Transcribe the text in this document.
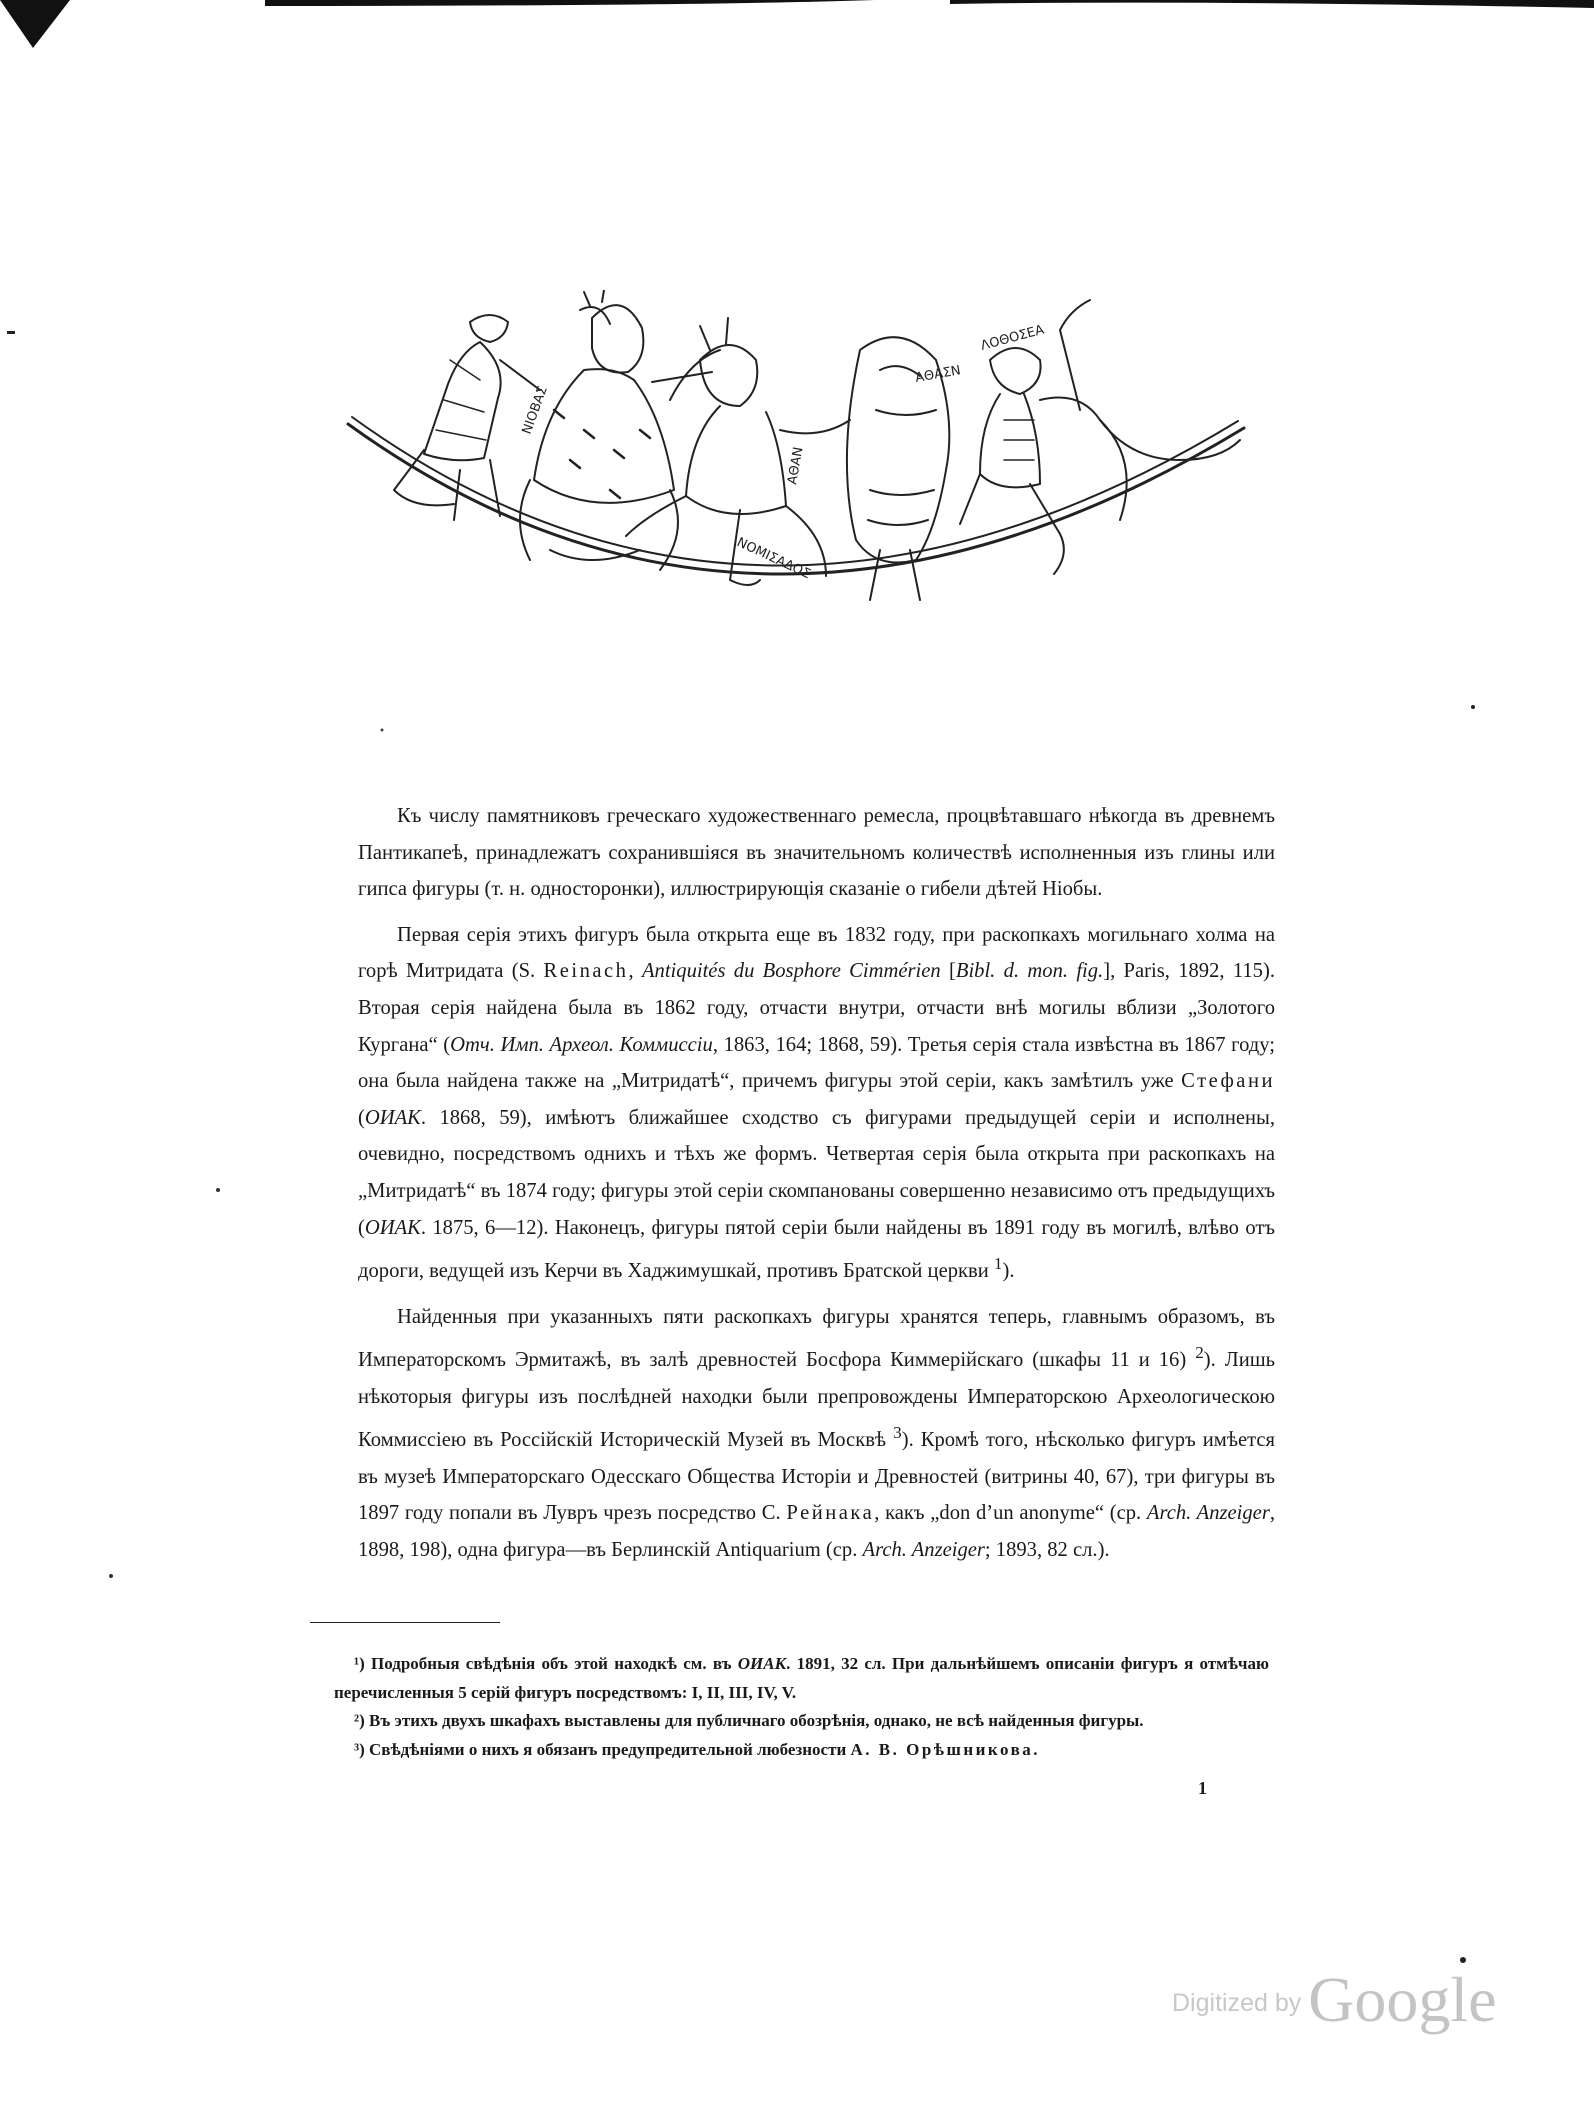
ΝΙΟΒΑΣ
ΑΘΑΝ
ΝΟΜΙΣΑΔΟΣ
ΛΟΘΟΣΕΑ
ΑΘΑΣΝ

Къ числу памятниковъ греческаго художественнаго ремесла, процвѣтавшаго нѣкогда въ древнемъ Пантикапеѣ, принадлежатъ сохранившіяся въ значительномъ количествѣ исполненныя изъ глины или гипса фигуры (т. н. односторонки), иллюстрирующія сказаніе о гибели дѣтей Ніобы.

Первая серія этихъ фигуръ была открыта еще въ 1832 году, при раскопкахъ могильнаго холма на горѣ Митридата (S. Reinach, Antiquités du Bosphore Cimmérien [Bibl. d. mon. fig.], Paris, 1892, 115). Вторая серія найдена была въ 1862 году, отчасти внутри, отчасти внѣ могилы вблизи „Золотого Кургана“ (Отч. Имп. Археол. Коммиссіи, 1863, 164; 1868, 59). Третья серія стала извѣстна въ 1867 году; она была найдена также на „Митридатѣ“, причемъ фигуры этой серіи, какъ замѣтилъ уже Стефани (ОИАК. 1868, 59), имѣютъ ближайшее сходство съ фигурами предыдущей серіи и исполнены, очевидно, посредствомъ однихъ и тѣхъ же формъ. Четвертая серія была открыта при раскопкахъ на „Митридатѣ“ въ 1874 году; фигуры этой серіи скомпанованы совершенно независимо отъ предыдущихъ (ОИАК. 1875, 6—12). Наконецъ, фигуры пятой серіи были найдены въ 1891 году въ могилѣ, влѣво отъ дороги, ведущей изъ Керчи въ Хаджимушкай, противъ Братской церкви $^1$).

Найденныя при указанныхъ пяти раскопкахъ фигуры хранятся теперь, главнымъ образомъ, въ Императорскомъ Эрмитажѣ, въ залѣ древностей Босфора Киммерійскаго (шкафы 11 и 16) $^2$). Лишь нѣкоторыя фигуры изъ послѣдней находки были препровождены Императорскою Археологическою Коммиссіею въ Россійскій Историческій Музей въ Москвѣ $^3$). Кромѣ того, нѣсколько фигуръ имѣется въ музеѣ Императорскаго Одесскаго Общества Исторіи и Древностей (витрины 40, 67), три фигуры въ 1897 году попали въ Лувръ чрезъ посредство С. Рейнака, какъ „don d’un anonyme“ (ср. Arch. Anzeiger, 1898, 198), одна фигура—въ Берлинскій Antiquarium (ср. Arch. Anzeiger; 1893, 82 сл.).

¹) Подробныя свѣдѣнія объ этой находкѣ см. въ ОИАК. 1891, 32 сл. При дальнѣйшемъ описаніи фигуръ я отмѣчаю перечисленныя 5 серій фигуръ посредствомъ: I, II, III, IV, V.

²) Въ этихъ двухъ шкафахъ выставлены для публичнаго обозрѣнія, однако, не всѣ найденныя фигуры.

³) Свѣдѣніями о нихъ я обязанъ предупредительной любезности А. В. Орѣшникова.

1
Digitized by Google
